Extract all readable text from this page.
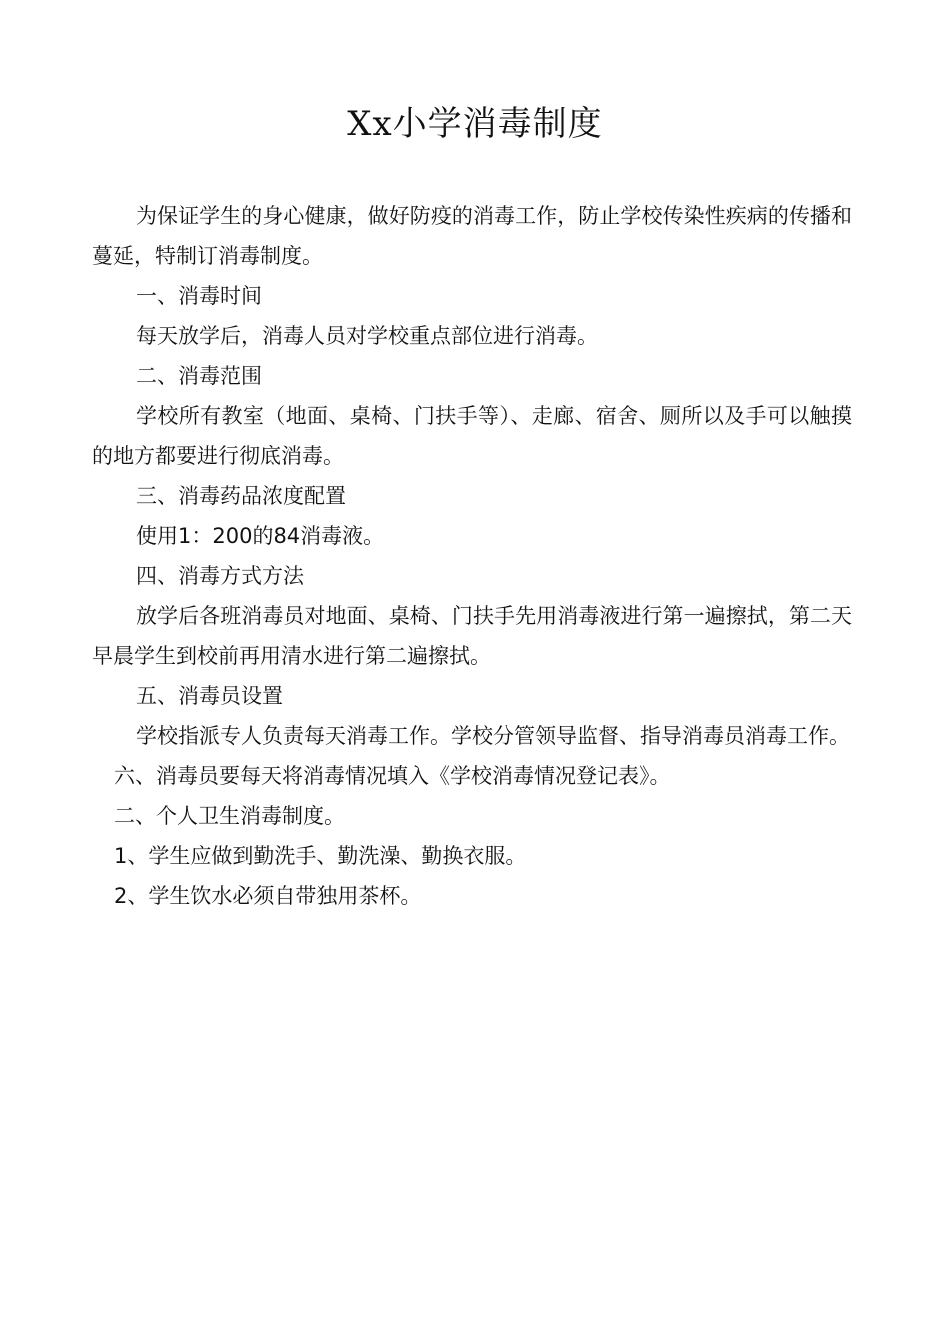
Xx小学消毒制度

为保证学生的身心健康，做好防疫的消毒工作，防止学校传染性疾病的传播和蔓延，特制订消毒制度。

一、消毒时间

每天放学后，消毒人员对学校重点部位进行消毒。

二、消毒范围

学校所有教室（地面、桌椅、门扶手等）、走廊、宿舍、厕所以及手可以触摸的地方都要进行彻底消毒。

三、消毒药品浓度配置

使用1：200的84消毒液。

四、消毒方式方法

放学后各班消毒员对地面、桌椅、门扶手先用消毒液进行第一遍擦拭，第二天早晨学生到校前再用清水进行第二遍擦拭。

五、消毒员设置

学校指派专人负责每天消毒工作。学校分管领导监督、指导消毒员消毒工作。

六、消毒员要每天将消毒情况填入《学校消毒情况登记表》。

二、个人卫生消毒制度。

1、学生应做到勤洗手、勤洗澡、勤换衣服。

2、学生饮水必须自带独用茶杯。
